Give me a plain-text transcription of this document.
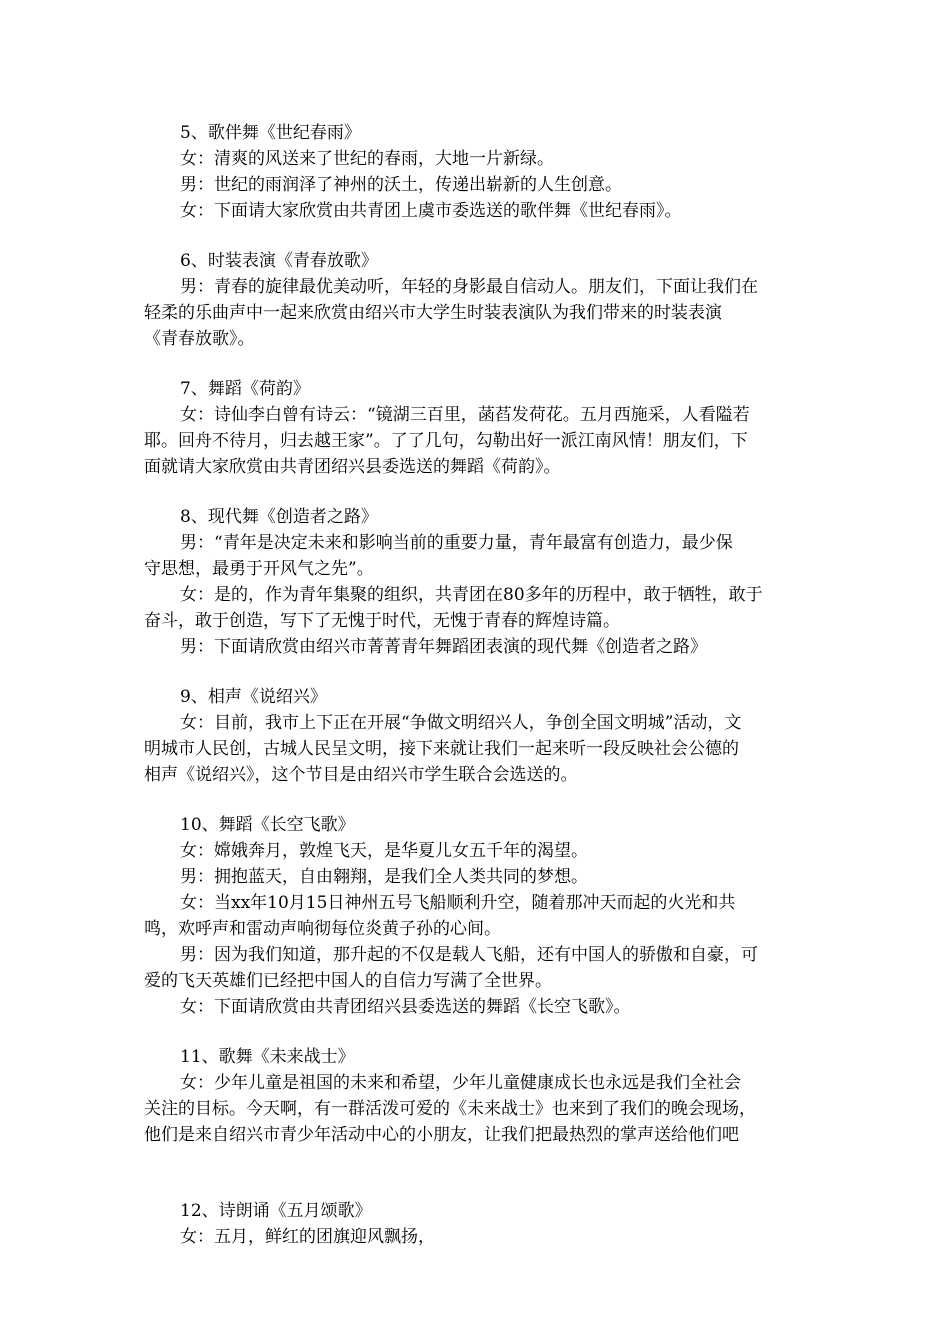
5、歌伴舞《世纪春雨》
女：清爽的风送来了世纪的春雨，大地一片新绿。
男：世纪的雨润泽了神州的沃土，传递出崭新的人生创意。
女：下面请大家欣赏由共青团上虞市委选送的歌伴舞《世纪春雨》。
6、时装表演《青春放歌》
男：青春的旋律最优美动听，年轻的身影最自信动人。朋友们，下面让我们在
轻柔的乐曲声中一起来欣赏由绍兴市大学生时装表演队为我们带来的时装表演
《青春放歌》。
7、舞蹈《荷韵》
女：诗仙李白曾有诗云：“镜湖三百里，菡萏发荷花。五月西施采，人看隘若
耶。回舟不待月，归去越王家”。了了几句，勾勒出好一派江南风情！朋友们，下
面就请大家欣赏由共青团绍兴县委选送的舞蹈《荷韵》。
8、现代舞《创造者之路》
男：“青年是决定未来和影响当前的重要力量，青年最富有创造力，最少保
守思想，最勇于开风气之先”。
女：是的，作为青年集聚的组织，共青团在80多年的历程中，敢于牺牲，敢于
奋斗，敢于创造，写下了无愧于时代，无愧于青春的辉煌诗篇。
男：下面请欣赏由绍兴市菁菁青年舞蹈团表演的现代舞《创造者之路》
9、相声《说绍兴》
女：目前，我市上下正在开展“争做文明绍兴人，争创全国文明城”活动，文
明城市人民创，古城人民呈文明，接下来就让我们一起来听一段反映社会公德的
相声《说绍兴》，这个节目是由绍兴市学生联合会选送的。
10、舞蹈《长空飞歌》
女：嫦娥奔月，敦煌飞天，是华夏儿女五千年的渴望。
男：拥抱蓝天，自由翱翔，是我们全人类共同的梦想。
女：当xx年10月15日神州五号飞船顺利升空，随着那冲天而起的火光和共
鸣，欢呼声和雷动声响彻每位炎黄子孙的心间。
男：因为我们知道，那升起的不仅是载人飞船，还有中国人的骄傲和自豪，可
爱的飞天英雄们已经把中国人的自信力写满了全世界。
女：下面请欣赏由共青团绍兴县委选送的舞蹈《长空飞歌》。
11、歌舞《未来战士》
女：少年儿童是祖国的未来和希望，少年儿童健康成长也永远是我们全社会
关注的目标。今天啊，有一群活泼可爱的《未来战士》也来到了我们的晚会现场，
他们是来自绍兴市青少年活动中心的小朋友，让我们把最热烈的掌声送给他们吧
12、诗朗诵《五月颂歌》
女：五月，鲜红的团旗迎风飘扬，
